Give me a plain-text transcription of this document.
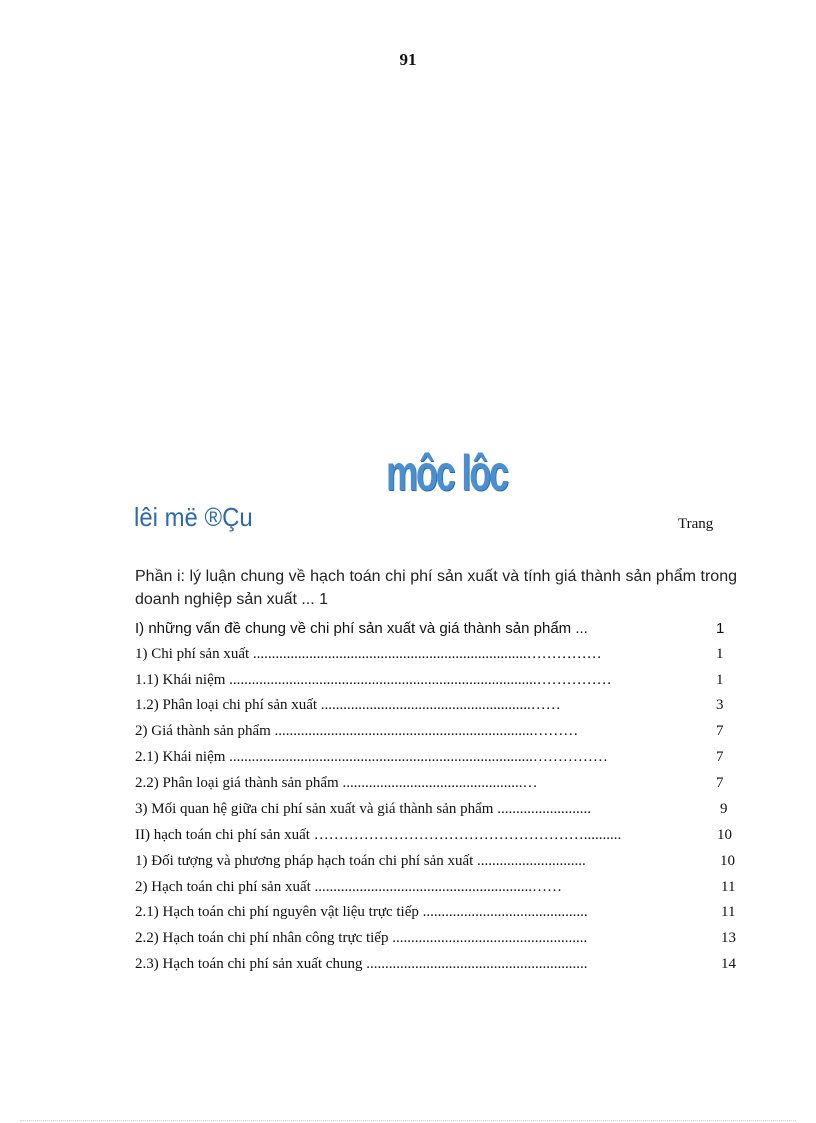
91
môc lôc
lêi më ®Çu	Trang
Phần i: lý luận chung về hạch toán chi phí sản xuất và tính giá thành sản phẩm trong doanh nghiệp sản xuất ... 1
I) những vấn đề chung về chi phí sản xuất và giá thành sản phẩm ...	1
1) Chi phí sản xuất .........................................................................……………	1
1.1) Khái niệm ..................................................................................……………	1
1.2) Phân loại chi phí sản xuất ........................................................……	3
2) Giá thành sản phẩm .....................................................................………	7
2.1) Khái niệm .................................................................................……………	7
2.2) Phân loại giá thành sản phẩm ................................................…	7
3) Mối quan hệ giữa chi phí sản xuất và giá thành sản phẩm .........................	9
II) hạch toán chi phí sản xuất ………………………………………………..........	10
1) Đối tượng và phương pháp hạch toán chi phí sản xuất .............................	10
2) Hạch toán chi phí sản xuất ..........................................................……	11
2.1) Hạch toán chi phí nguyên vật liệu trực tiếp ............................................	11
2.2) Hạch toán chi phí nhân công trực tiếp ....................................................	13
2.3) Hạch toán chi phí sản xuất chung ...........................................................	14
